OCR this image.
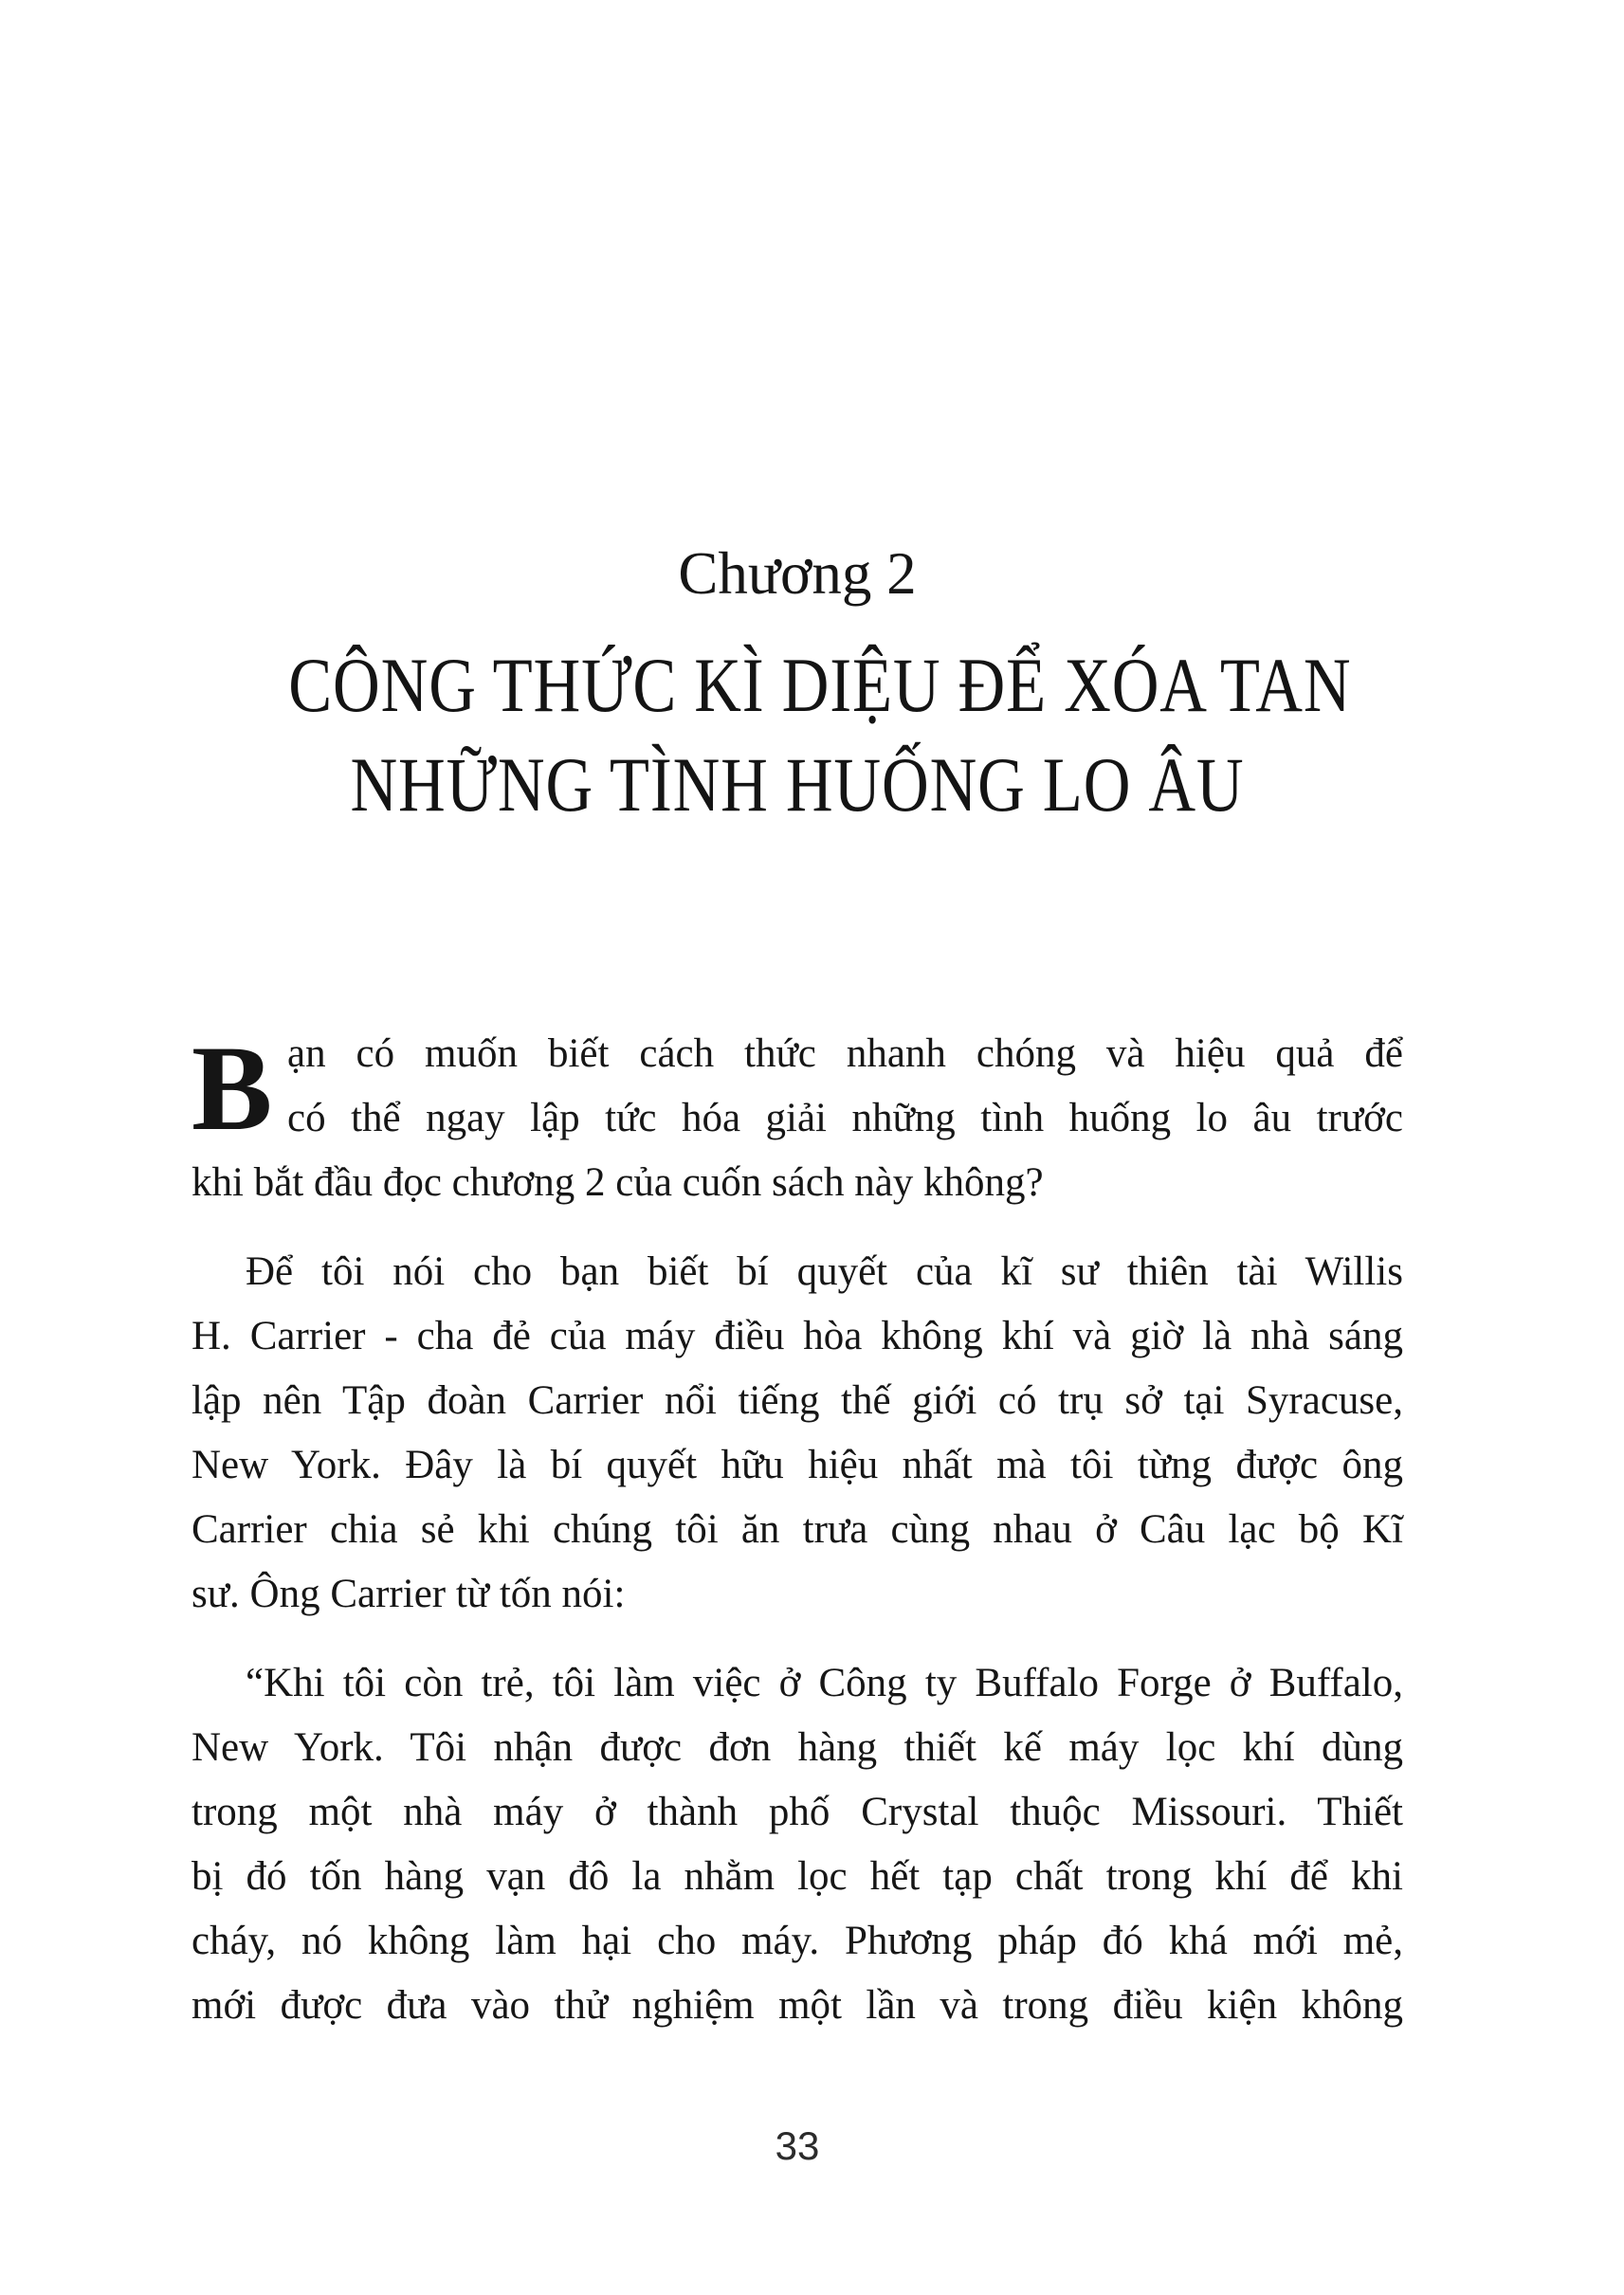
Chương 2
CÔNG THỨC KÌ DIỆU ĐỂ XÓA TAN
NHỮNG TÌNH HUỐNG LO ÂU
B ạn có muốn biết cách thức nhanh chóng và hiệu quả để
có thể ngay lập tức hóa giải những tình huống lo âu trước
khi bắt đầu đọc chương 2 của cuốn sách này không?
Để tôi nói cho bạn biết bí quyết của kĩ sư thiên tài Willis
H. Carrier - cha đẻ của máy điều hòa không khí và giờ là nhà sáng
lập nên Tập đoàn Carrier nổi tiếng thế giới có trụ sở tại Syracuse,
New York. Đây là bí quyết hữu hiệu nhất mà tôi từng được ông
Carrier chia sẻ khi chúng tôi ăn trưa cùng nhau ở Câu lạc bộ Kĩ
sư. Ông Carrier từ tốn nói:
“Khi tôi còn trẻ, tôi làm việc ở Công ty Buffalo Forge ở Buffalo,
New York. Tôi nhận được đơn hàng thiết kế máy lọc khí dùng
trong một nhà máy ở thành phố Crystal thuộc Missouri. Thiết
bị đó tốn hàng vạn đô la nhằm lọc hết tạp chất trong khí để khi
cháy, nó không làm hại cho máy. Phương pháp đó khá mới mẻ,
mới được đưa vào thử nghiệm một lần và trong điều kiện không
33
